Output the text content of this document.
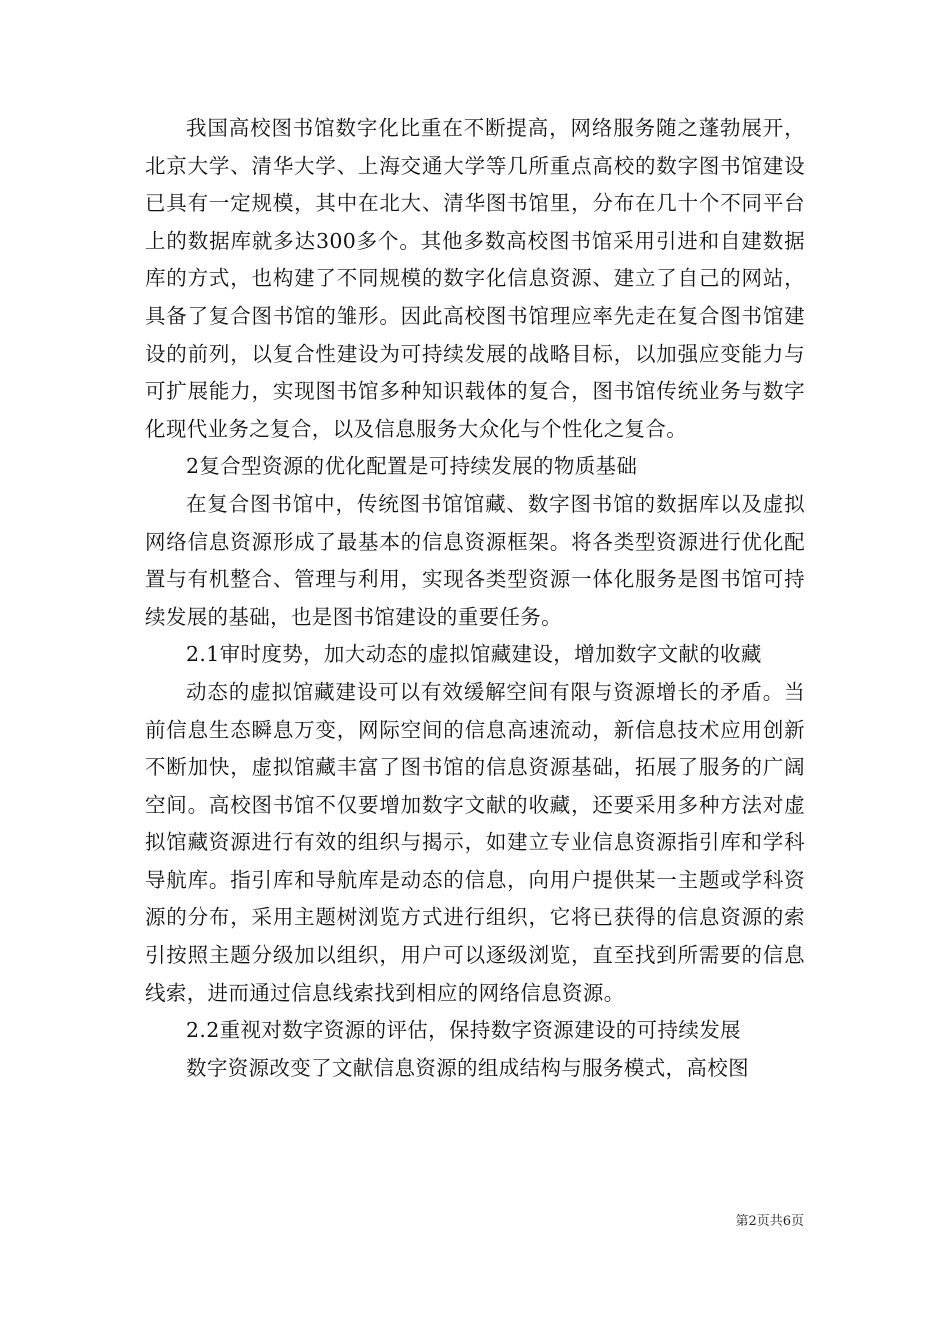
我国高校图书馆数字化比重在不断提高，网络服务随之蓬勃展开，北京大学、清华大学、上海交通大学等几所重点高校的数字图书馆建设已具有一定规模，其中在北大、清华图书馆里，分布在几十个不同平台上的数据库就多达300多个。其他多数高校图书馆采用引进和自建数据库的方式，也构建了不同规模的数字化信息资源、建立了自己的网站，具备了复合图书馆的雏形。因此高校图书馆理应率先走在复合图书馆建设的前列，以复合性建设为可持续发展的战略目标，以加强应变能力与可扩展能力，实现图书馆多种知识载体的复合，图书馆传统业务与数字化现代业务之复合，以及信息服务大众化与个性化之复合。

2复合型资源的优化配置是可持续发展的物质基础

在复合图书馆中，传统图书馆馆藏、数字图书馆的数据库以及虚拟网络信息资源形成了最基本的信息资源框架。将各类型资源进行优化配置与有机整合、管理与利用，实现各类型资源一体化服务是图书馆可持续发展的基础，也是图书馆建设的重要任务。

2.1审时度势，加大动态的虚拟馆藏建设，增加数字文献的收藏

动态的虚拟馆藏建设可以有效缓解空间有限与资源增长的矛盾。当前信息生态瞬息万变，网际空间的信息高速流动，新信息技术应用创新不断加快，虚拟馆藏丰富了图书馆的信息资源基础，拓展了服务的广阔空间。高校图书馆不仅要增加数字文献的收藏，还要采用多种方法对虚拟馆藏资源进行有效的组织与揭示，如建立专业信息资源指引库和学科导航库。指引库和导航库是动态的信息，向用户提供某一主题或学科资源的分布，采用主题树浏览方式进行组织，它将已获得的信息资源的索引按照主题分级加以组织，用户可以逐级浏览，直至找到所需要的信息线索，进而通过信息线索找到相应的网络信息资源。

2.2重视对数字资源的评估，保持数字资源建设的可持续发展

数字资源改变了文献信息资源的组成结构与服务模式，高校图

第2页共6页
